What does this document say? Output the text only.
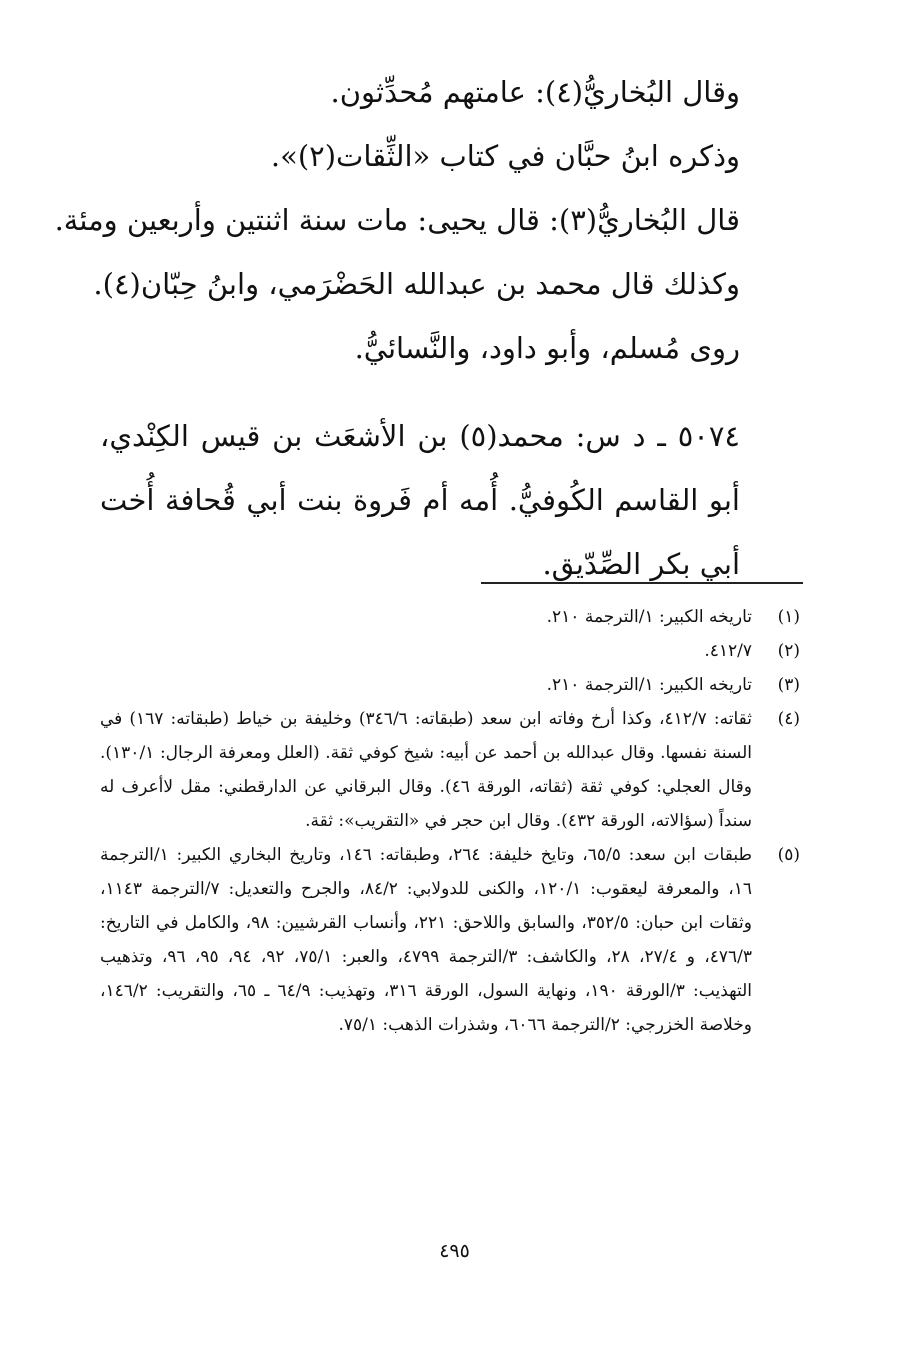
وقال البُخاريُّ(٤): عامتهم مُحدِّثون.

وذكره ابنُ حبَّان في كتاب «الثِّقات(٢)».

قال البُخاريُّ(٣): قال يحيى: مات سنة اثنتين وأربعين ومئة.

وكذلك قال محمد بن عبدالله الحَضْرَمي، وابنُ حِبّان(٤).

روى مُسلم، وأبو داود، والنَّسائيُّ.

٥٠٧٤ ـ د س: محمد(٥) بن الأشعَث بن قيس الكِنْدي، أبو القاسم الكُوفيُّ. أُمه أم فَروة بنت أبي قُحافة أُخت أبي بكر الصِّدّيق.
(١)
تاريخه الكبير: ١/الترجمة ٢١٠.
(٢)
٤١٢/٧.
(٣)
تاريخه الكبير: ١/الترجمة ٢١٠.
(٤)
ثقاته: ٤١٢/٧، وكذا أرخ وفاته ابن سعد (طبقاته: ٣٤٦/٦) وخليفة بن خياط (طبقاته: ١٦٧) في السنة نفسها. وقال عبدالله بن أحمد عن أبيه: شيخ كوفي ثقة. (العلل ومعرفة الرجال: ١٣٠/١). وقال العجلي: كوفي ثقة (ثقاته، الورقة ٤٦). وقال البرقاني عن الدارقطني: مقل لاأعرف له سنداً (سؤالاته، الورقة ٤٣٢). وقال ابن حجر في «التقريب»: ثقة.
(٥)
طبقات ابن سعد: ٦٥/٥، وتايخ خليفة: ٢٦٤، وطبقاته: ١٤٦، وتاريخ البخاري الكبير: ١/الترجمة ١٦، والمعرفة ليعقوب: ١٢٠/١، والكنى للدولابي: ٨٤/٢، والجرح والتعديل: ٧/الترجمة ١١٤٣، وثقات ابن حبان: ٣٥٢/٥، والسابق واللاحق: ٢٢١، وأنساب القرشيين: ٩٨، والكامل في التاريخ: ٤٧٦/٣، و ٢٧/٤، ٢٨، والكاشف: ٣/الترجمة ٤٧٩٩، والعبر: ٧٥/١، ٩٢، ٩٤، ٩٥، ٩٦، وتذهيب التهذيب: ٣/الورقة ١٩٠، ونهاية السول، الورقة ٣١٦، وتهذيب: ٦٤/٩ ـ ٦٥، والتقريب: ١٤٦/٢، وخلاصة الخزرجي: ٢/الترجمة ٦٠٦٦، وشذرات الذهب: ٧٥/١.
٤٩٥
